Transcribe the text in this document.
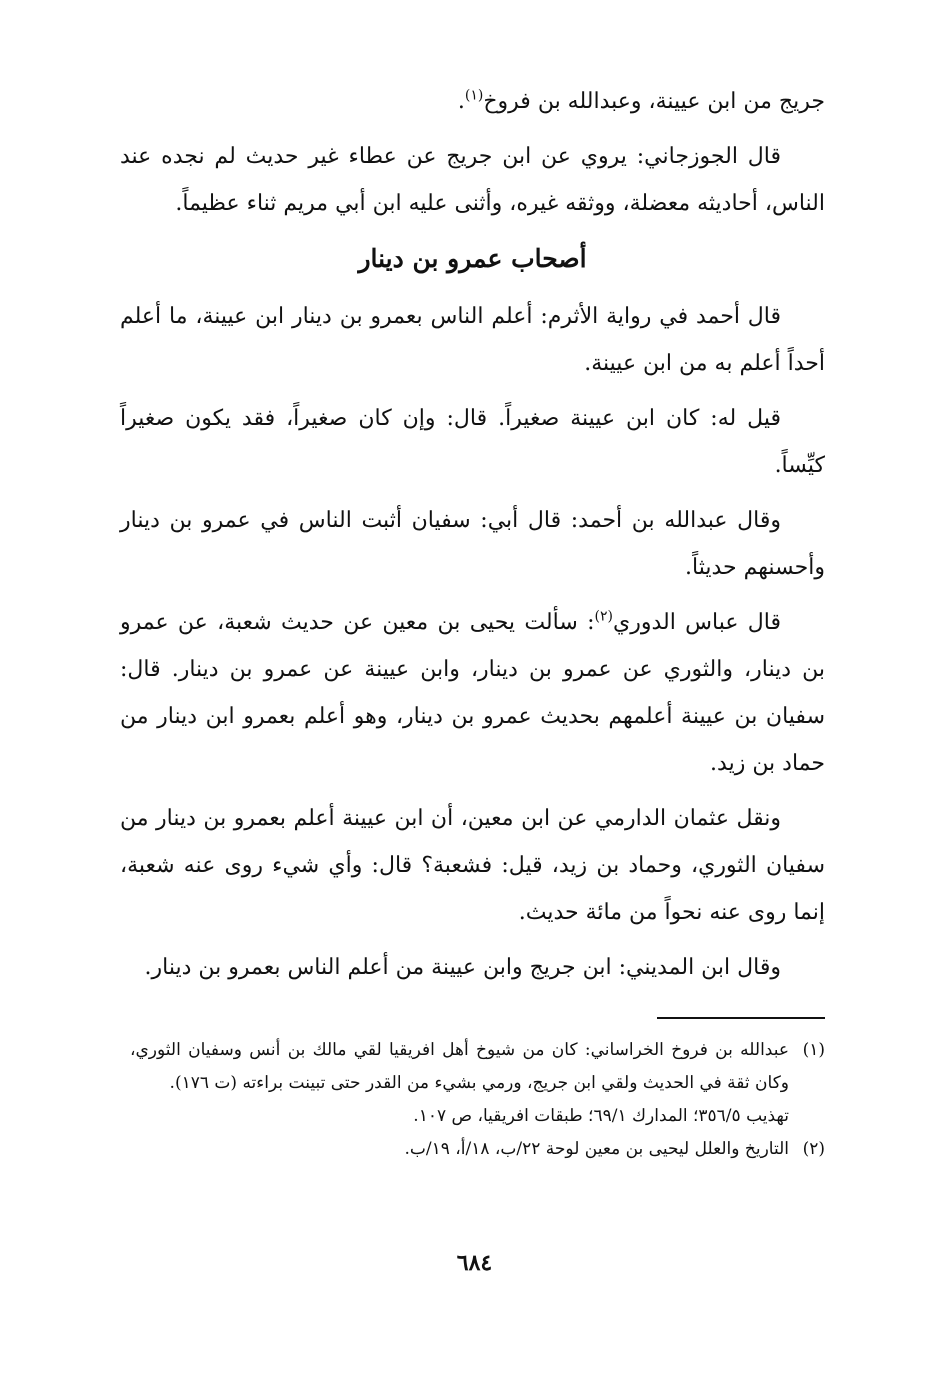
جريج من ابن عيينة، وعبدالله بن فروخ$^{(١)}$.

قال الجوزجاني: يروي عن ابن جريج عن عطاء غير حديث لم نجده عند الناس، أحاديثه معضلة، ووثقه غيره، وأثنى عليه ابن أبي مريم ثناء عظيماً.

أصحاب عمرو بن دينار

قال أحمد في رواية الأثرم: أعلم الناس بعمرو بن دينار ابن عيينة، ما أعلم أحداً أعلم به من ابن عيينة.

قيل له: كان ابن عيينة صغيراً. قال: وإن كان صغيراً، فقد يكون صغيراً كيِّساً.

وقال عبدالله بن أحمد: قال أبي: سفيان أثبت الناس في عمرو بن دينار وأحسنهم حديثاً.

قال عباس الدوري$^{(٢)}$: سألت يحيى بن معين عن حديث شعبة، عن عمرو بن دينار، والثوري عن عمرو بن دينار، وابن عيينة عن عمرو بن دينار. قال: سفيان بن عيينة أعلمهم بحديث عمرو بن دينار، وهو أعلم بعمرو ابن دينار من حماد بن زيد.

ونقل عثمان الدارمي عن ابن معين، أن ابن عيينة أعلم بعمرو بن دينار من سفيان الثوري، وحماد بن زيد، قيل: فشعبة؟ قال: وأي شيء روى عنه شعبة، إنما روى عنه نحواً من مائة حديث.

وقال ابن المديني: ابن جريج وابن عيينة من أعلم الناس بعمرو بن دينار.

(١)
عبدالله بن فروخ الخراساني: كان من شيوخ أهل افريقيا لقي مالك بن أنس وسفيان الثوري، وكان ثقة في الحديث ولقي ابن جريج، ورمي بشيء من القدر حتى تبينت براءته (ت ١٧٦).
تهذيب ٣٥٦/٥؛ المدارك ٦٩/١؛ طبقات افريقيا، ص ١٠٧.
(٢)
التاريخ والعلل ليحيى بن معين لوحة ٢٢/ب، ١٨/أ، ١٩/ب.
٦٨٤
